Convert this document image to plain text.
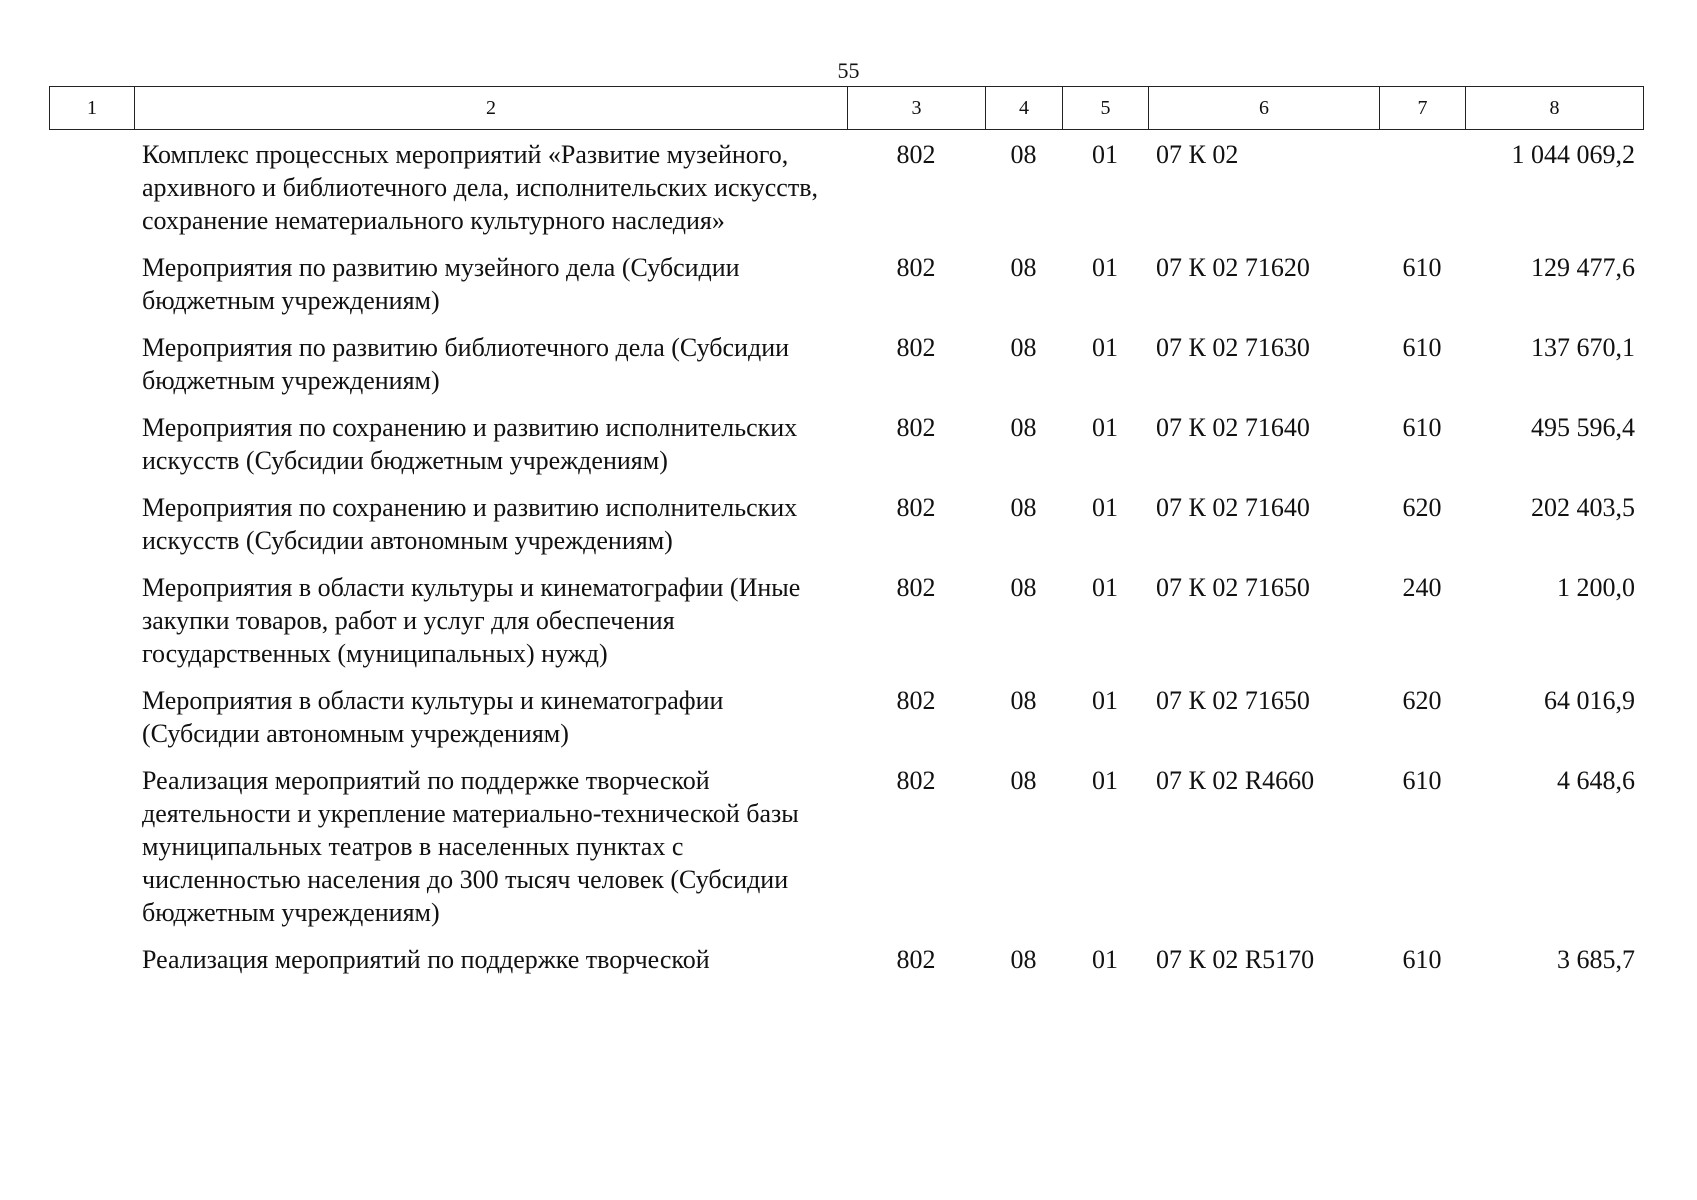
55
1	2	3	4	5	6	7	8
	Комплекс процессных мероприятий «Развитие музейного, архивного и библиотечного дела, исполнительских искусств, сохранение нематериального культурного наследия»	802	08	01	07 К 02		1 044 069,2
	Мероприятия по развитию музейного дела (Субсидии бюджетным учреждениям)	802	08	01	07 К 02 71620	610	129 477,6
	Мероприятия по развитию библиотечного дела (Субсидии бюджетным учреждениям)	802	08	01	07 К 02 71630	610	137 670,1
	Мероприятия по сохранению и развитию исполнительских искусств (Субсидии бюджетным учреждениям)	802	08	01	07 К 02 71640	610	495 596,4
	Мероприятия по сохранению и развитию исполнительских искусств (Субсидии автономным учреждениям)	802	08	01	07 К 02 71640	620	202 403,5
	Мероприятия в области культуры и кинематографии (Иные закупки товаров, работ и услуг для обеспечения государственных (муниципальных) нужд)	802	08	01	07 К 02 71650	240	1 200,0
	Мероприятия в области культуры и кинематографии (Субсидии автономным учреждениям)	802	08	01	07 К 02 71650	620	64 016,9
	Реализация мероприятий по поддержке творческой деятельности и укрепление материально-технической базы муниципальных театров в населенных пунктах с численностью населения до 300 тысяч человек (Субсидии бюджетным учреждениям)	802	08	01	07 К 02 R4660	610	4 648,6
	Реализация мероприятий по поддержке творческой	802	08	01	07 К 02 R5170	610	3 685,7
